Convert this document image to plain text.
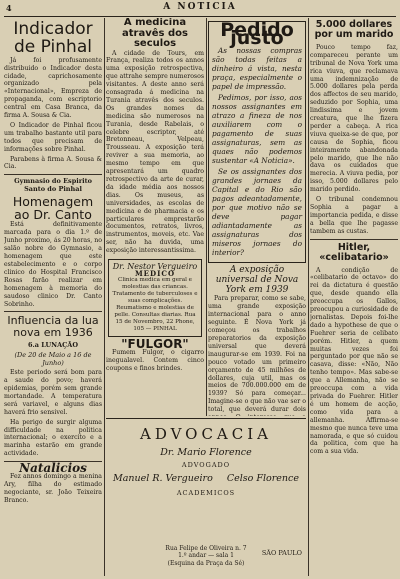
4	A NOTICIA
Indicador de Pinhal

Já foi profusamente distribuido o Indicador desta cidade, caprichosamente organizado pela «Internacional», Empreza de propaganda, com escriptorio central em Casa Branca, da firma A. Sousa & Cia.

O Indicador de Pinhal ficou um trabalho bastante util para todos que precisam de informações sobre Pinhal.

Parabens à firma A. Sousa & Cia.

Gymnasio do Espirito Santo do Pinhal
Homenagem ao Dr. Canto

Está definitivamente marcada para o dia 1.º de Junho proximo, ás 20 horas, no salão nobre do Gymnasio, a homenagem que este estabelecimento e o corpo clinico do Hospital Francisco Rosas farão realizar em homenagem à memoria do saudoso clinico Dr. Canto Sobrinho.

Influencia da lua nova em 1936
6.a LUNAÇÃO
(De 20 de Maio a 16 de Junho)

Este periodo será bom para a saude do povo; haverá epidemias, porém sem grande mortandade. A temperatura será variavel, e alguns dias haverá frio sensivel.

Ha perigo de surgir alguma difficuldade na politica internacional; o exercito e a marinha estarão em grande actividade.

Natalicios

Fez annos domingo a menina Ary, filha do estimado negociante, sr. João Teixeira Branco.

A medicina atravês dos seculos

A cidade de Tours, em França, realiza todos os annos uma exposição retrospectiva, que attrahe sempre numerosos visitantes. A deste anno será consagrada á medicina na Turania atravês dos seculos. Os grandes nomes da medicina são numerosos na Turania, desde Rabelais, o celebre escriptor, até Bretonneau, Velpeau, Trousseau. A exposição terá reviver a sua memoria, ao mesmo tempo em que apresentará um quadro retrospectivo da arte de curar, da idade média aos nossos dias. Os museus, as universidades, as escolas de medicina e de pharmacia e os particulares emprestarão documentos, retratos, livros, instrumentos, moveis, etc. Vae ser, não ha duvida, uma exposição interessantissima.

Dr. Nestor Vergueiro
MEDICO
Clinica medica em geral e molestias das criancas. Tratamento de tuberculoses e suas complicações. Reumatismo e molestias de pelle. Consultas diarias. Rua 15 de Novembro, 22 Phone, 105 — PINHAL
"FULGOR"

Fumem Fulgor, o cigarro inegualavel. Contem cinco coupons e finos brindes.

Pedido justo

As nossas compras são todas feitas a dinheiro á vista, nesta praça, especialmente o papel de impressão.

Pedimos, por isso, aos nossos assignantes em atrazo a fineza de nos auxiliarem com o pagamento de suas assignaturas, sem as quaes não podemos sustentar «A Noticia».

Se os assignantes dos grandes jornaes da Capital e do Rio são pagos adeantadamente, por que motivo não se deve pagar adiantadamente as assignaturas dos miseros jornaes do interior?

A exposição universal de Nova York em 1939

Para preparar, como se sabe, uma grande exposição internacional para o anno seguinte. É Nova York já começou os trabalhos preparatorios da exposição universal que deverá inaugurar-se em 1939. Foi na pouco votado um primeiro orçamento de 45 milhões de dollares, cuja util, mas os meios de 700.000.000 em de 1939? Só para começar... Imagine-se o que não vae ser o total, que deverá durar dois

5.000 dollares por um marido

Pouco tempo faz, compareceu perante um tribunal de Nova York uma rica viuva, que reclamava uma indemnização de 5.000 dollares pela perda dos affectos de seu marido, seduzido por Sophia, uma lindissima e jovem creatura, que lhe fizera perder a cabeça. A rica viuva queixa-se de que, por causa de Sophia, ficou inteiramente abandonada pelo marido, que lhe não dava os cuidados que merecia. A viuva pedia, por isso, 5.000 dollares pelo marido perdido.

O tribunal condemnou Sophia a pagar a importancia pedida, e disse a bella que lhe pagasse tambem as custas.

Hitler, «celibatario»

A condição de «celibatario de octavo» do rei da dictatura é questão que, desde quando ella preoccupa os Gallos, preocupou a curiosidade de jornalistas. Depois foi-lhe dado a hypothese de que o Fuehrer seria de celibato porém. Hitler, a quem muitas vezes foi perguntado por que não se casava, disse: «Não, Não tenho tempo». Mas sabe-se que a Allemanha, não se preoccupa com a vida privada do Fuehrer. Hitler é um homem de acção, como vida para a allemanha. Affirma-se mesmo que nunca teve uma namorada, e que só cuidou da politica, com que ha com a sua vida.

ADVOCACIA
Dr. Mario Florence
ADVOGADO
Manuel R. Vergueiro Celso Florence
ACADEMICOS
SÃO PAULO
Rua Felipe de Oliveira n. 7
1.º andar — sala 1
(Esquina da Praça da Sé)
